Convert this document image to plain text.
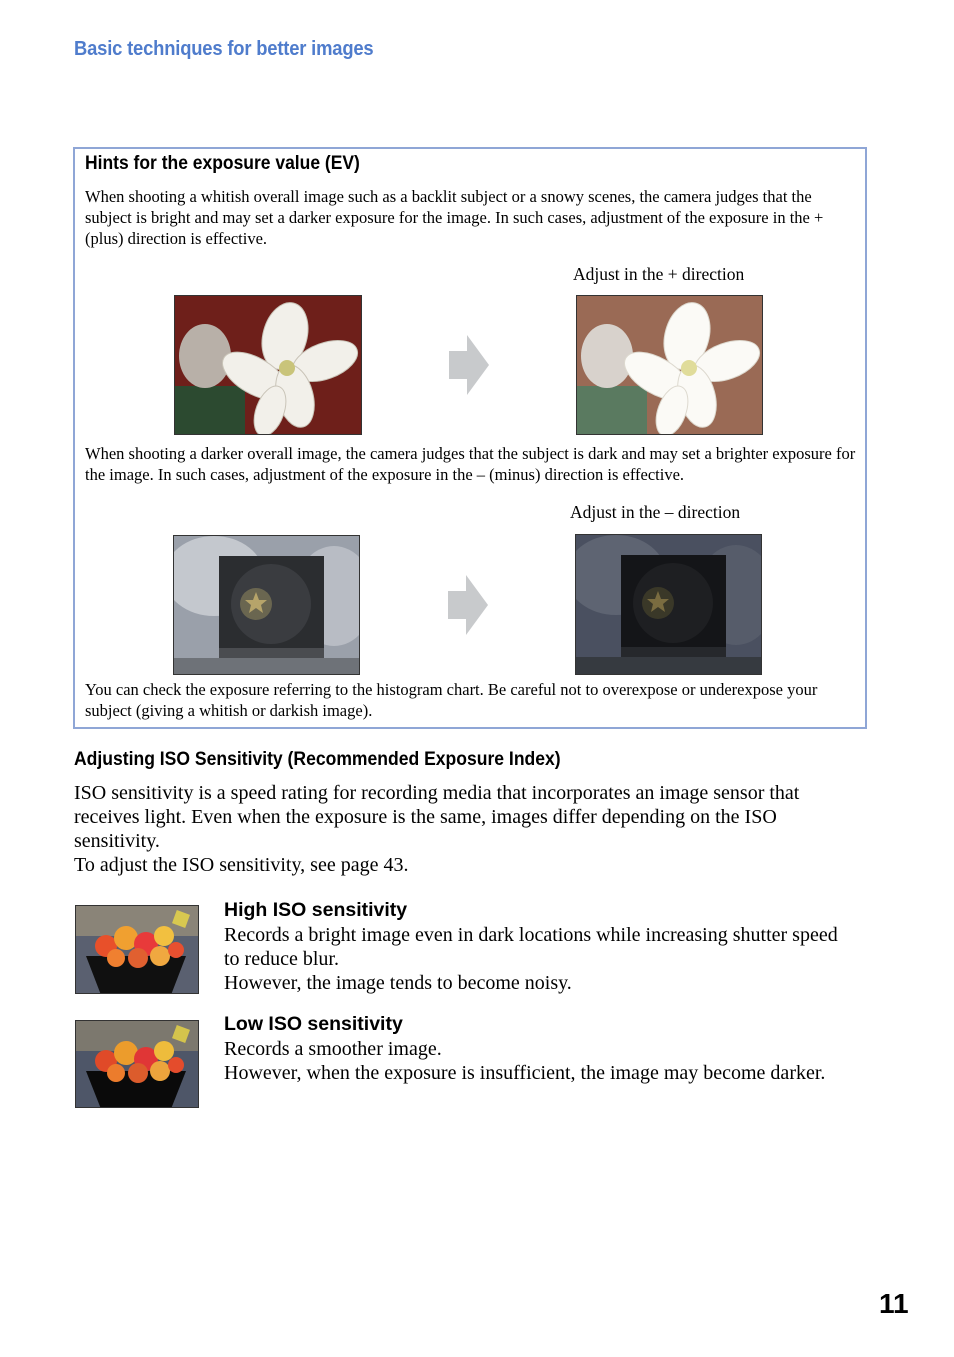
Basic techniques for better images
Hints for the exposure value (EV)
When shooting a whitish overall image such as a backlit subject or a snowy scenes, the camera judges that the subject is bright and may set a darker exposure for the image. In such cases, adjustment of the exposure in the + (plus) direction is effective.
Adjust in the + direction
When shooting a darker overall image, the camera judges that the subject is dark and may set a brighter exposure for the image. In such cases, adjustment of the exposure in the – (minus) direction is effective.
Adjust in the – direction
You can check the exposure referring to the histogram chart. Be careful not to overexpose or underexpose your subject (giving a whitish or darkish image).
Adjusting ISO Sensitivity (Recommended Exposure Index)
ISO sensitivity is a speed rating for recording media that incorporates an image sensor that receives light. Even when the exposure is the same, images differ depending on the ISO sensitivity.
To adjust the ISO sensitivity, see page 43.
High ISO sensitivity
Records a bright image even in dark locations while increasing shutter speed to reduce blur.
However, the image tends to become noisy.
Low ISO sensitivity
Records a smoother image.
However, when the exposure is insufficient, the image may become darker.
11
